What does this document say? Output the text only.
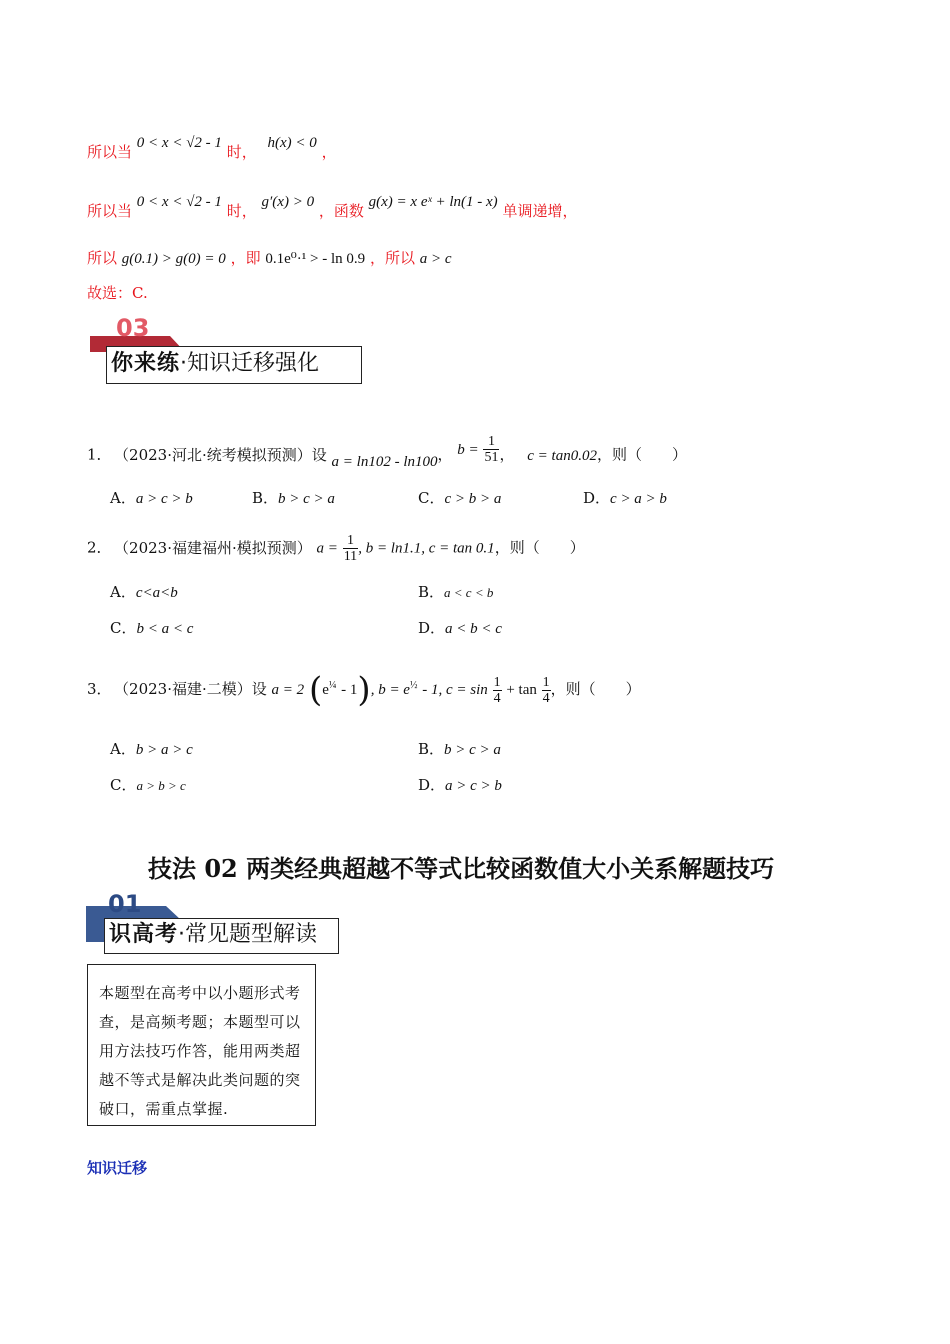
所以当 0 < x < √2 - 1 时， h(x) < 0 ，
所以当 0 < x < √2 - 1 时， g′(x) > 0 ，函数 g(x) = x eˣ + ln(1 - x) 单调递增，
所以 g(0.1) > g(0) = 0 ，即 0.1e⁰·¹ > - ln 0.9 ，所以 a > c
故选：C.
03
你来练·知识迁移强化
1． （2023·河北·统考模拟预测）设 a = ln102 - ln100， $b = \frac{1}{51}$ ， c = tan0.02，则（　　）
A．a > c > b	B．b > c > a	C．c > b > a	D．c > a > b
2． （2023·福建福州·模拟预测） $a = \frac{1}{11}$ , b = ln1.1, c = tan 0.1，则（　　）
A．c<a<b	B．a < c < b
C．b < a < c	D．a < b < c
3． （2023·福建·二模）设 a = 2 $(e^{\frac{1}{4}} - 1)$, $b = e^{\frac{1}{2}} - 1$, $c = \sin \frac{1}{4} + \tan \frac{1}{4}$ ，则（　　）
A．b > a > c	B．b > c > a
C．a > b > c	D．a > c > b
技法 02 两类经典超越不等式比较函数值大小关系解题技巧
01
识高考·常见题型解读
本题型在高考中以小题形式考查，是高频考题；本题型可以用方法技巧作答，能用两类超越不等式是解决此类问题的突破口，需重点掌握.
知识迁移
